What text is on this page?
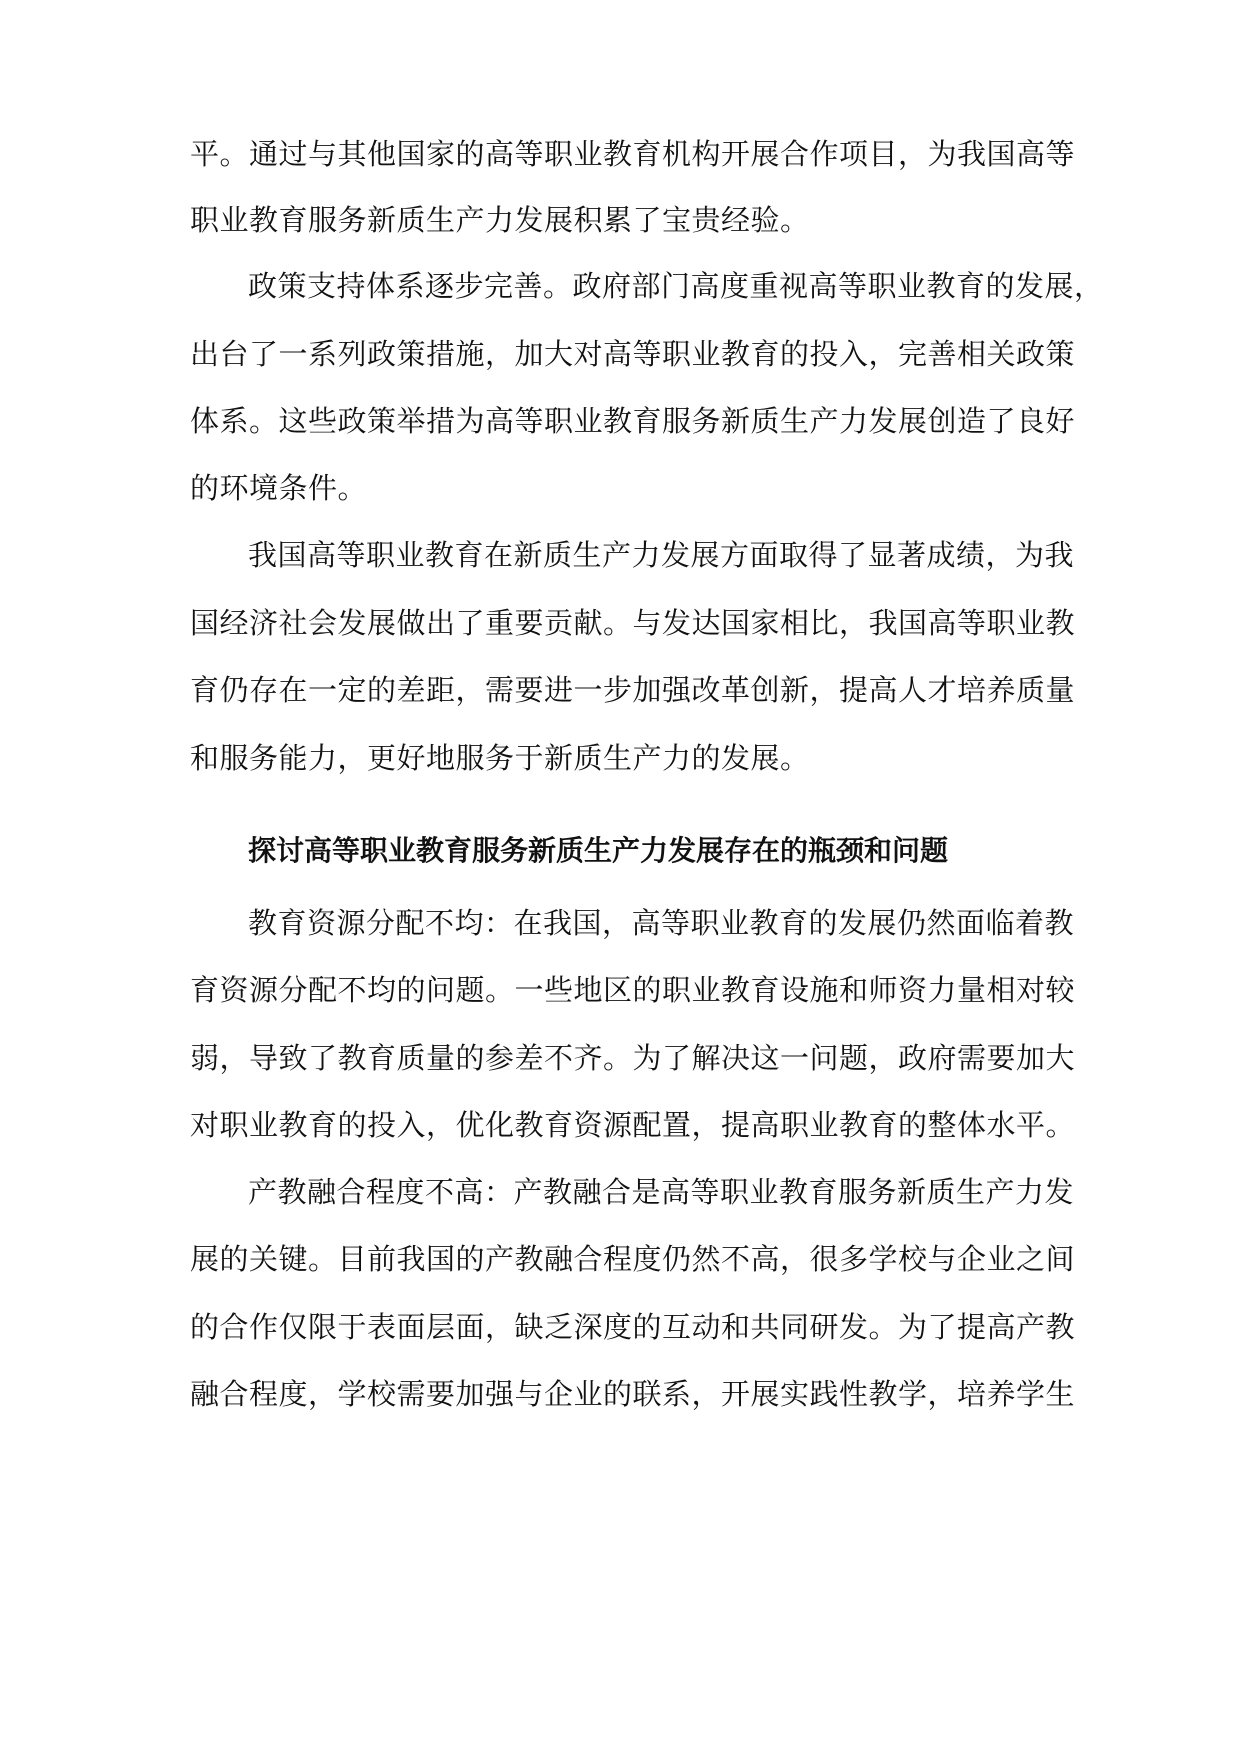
平。通过与其他国家的高等职业教育机构开展合作项目，为我国高等
职业教育服务新质生产力发展积累了宝贵经验。
政策支持体系逐步完善。政府部门高度重视高等职业教育的发展，
出台了一系列政策措施，加大对高等职业教育的投入，完善相关政策
体系。这些政策举措为高等职业教育服务新质生产力发展创造了良好
的环境条件。
我国高等职业教育在新质生产力发展方面取得了显著成绩，为我
国经济社会发展做出了重要贡献。与发达国家相比，我国高等职业教
育仍存在一定的差距，需要进一步加强改革创新，提高人才培养质量
和服务能力，更好地服务于新质生产力的发展。
探讨高等职业教育服务新质生产力发展存在的瓶颈和问题
教育资源分配不均：在我国，高等职业教育的发展仍然面临着教
育资源分配不均的问题。一些地区的职业教育设施和师资力量相对较
弱，导致了教育质量的参差不齐。为了解决这一问题，政府需要加大
对职业教育的投入，优化教育资源配置，提高职业教育的整体水平。
产教融合程度不高：产教融合是高等职业教育服务新质生产力发
展的关键。目前我国的产教融合程度仍然不高，很多学校与企业之间
的合作仅限于表面层面，缺乏深度的互动和共同研发。为了提高产教
融合程度，学校需要加强与企业的联系，开展实践性教学，培养学生
